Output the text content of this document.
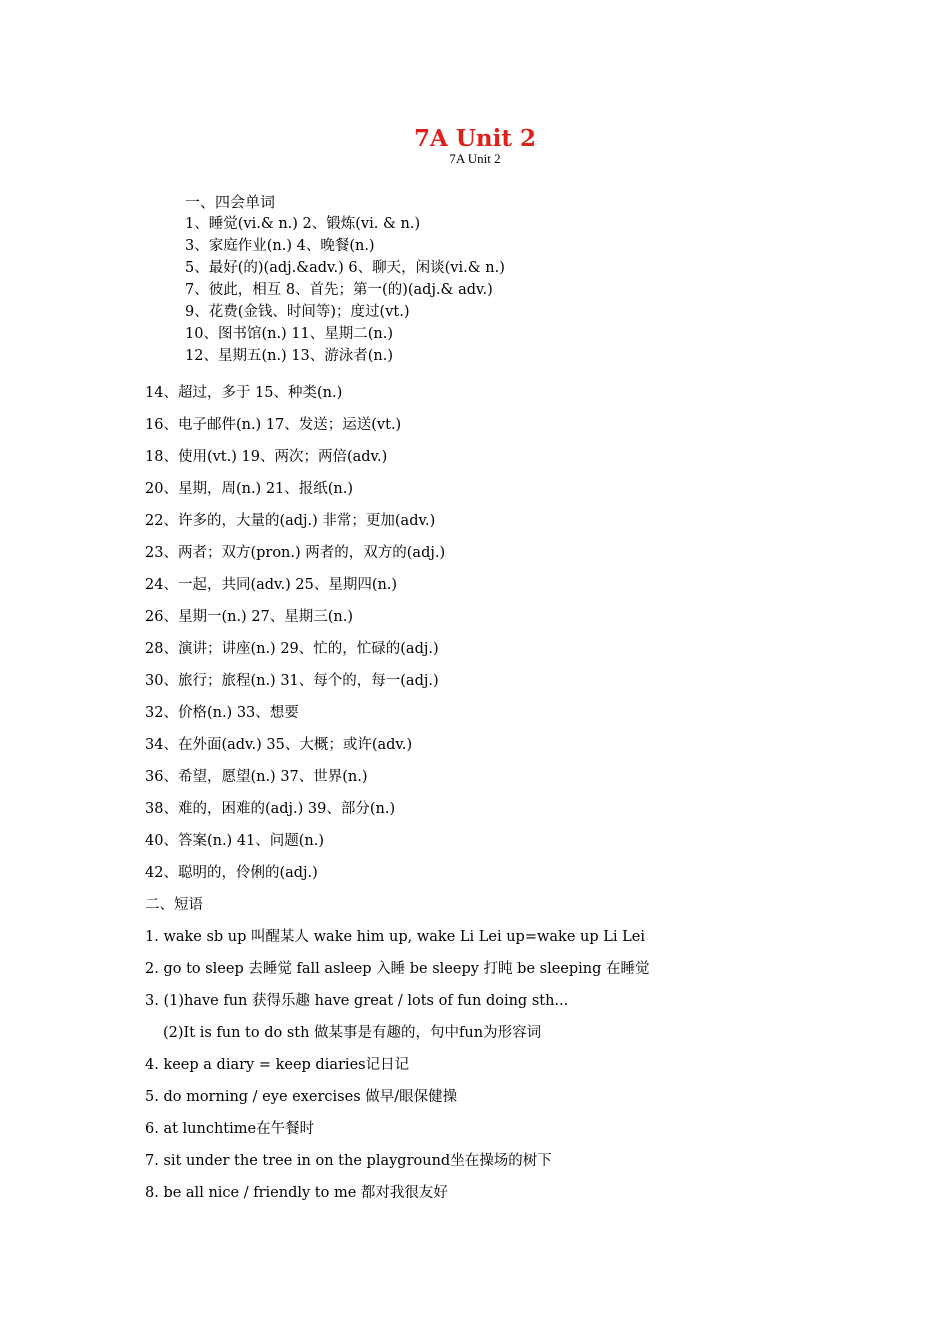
7A Unit 2
7A Unit 2
一、四会单词
1、睡觉(vi.& n.) 2、锻炼(vi. & n.)
3、家庭作业(n.) 4、晚餐(n.)
5、最好(的)(adj.&adv.) 6、聊天，闲谈(vi.& n.)
7、彼此，相互 8、首先；第一(的)(adj.& adv.)
9、花费(金钱、时间等)；度过(vt.)
10、图书馆(n.) 11、星期二(n.)
12、星期五(n.) 13、游泳者(n.)
14、超过，多于 15、种类(n.)
16、电子邮件(n.) 17、发送；运送(vt.)
18、使用(vt.) 19、两次；两倍(adv.)
20、星期，周(n.) 21、报纸(n.)
22、许多的，大量的(adj.) 非常；更加(adv.)
23、两者；双方(pron.) 两者的，双方的(adj.)
24、一起，共同(adv.) 25、星期四(n.)
26、星期一(n.) 27、星期三(n.)
28、演讲；讲座(n.) 29、忙的，忙碌的(adj.)
30、旅行；旅程(n.) 31、每个的，每一(adj.)
32、价格(n.) 33、想要
34、在外面(adv.) 35、大概；或许(adv.)
36、希望，愿望(n.) 37、世界(n.)
38、难的，困难的(adj.) 39、部分(n.)
40、答案(n.) 41、问题(n.)
42、聪明的，伶俐的(adj.)
二、短语
1. wake sb up 叫醒某人 wake him up, wake Li Lei up=wake up Li Lei
2. go to sleep 去睡觉 fall asleep 入睡 be sleepy 打盹 be sleeping 在睡觉
3. (1)have fun 获得乐趣 have great / lots of fun doing sth...
(2)It is fun to do sth 做某事是有趣的，句中fun为形容词
4. keep a diary = keep diaries记日记
5. do morning / eye exercises 做早/眼保健操
6. at lunchtime在午餐时
7. sit under the tree in on the playground坐在操场的树下
8. be all nice / friendly to me 都对我很友好
